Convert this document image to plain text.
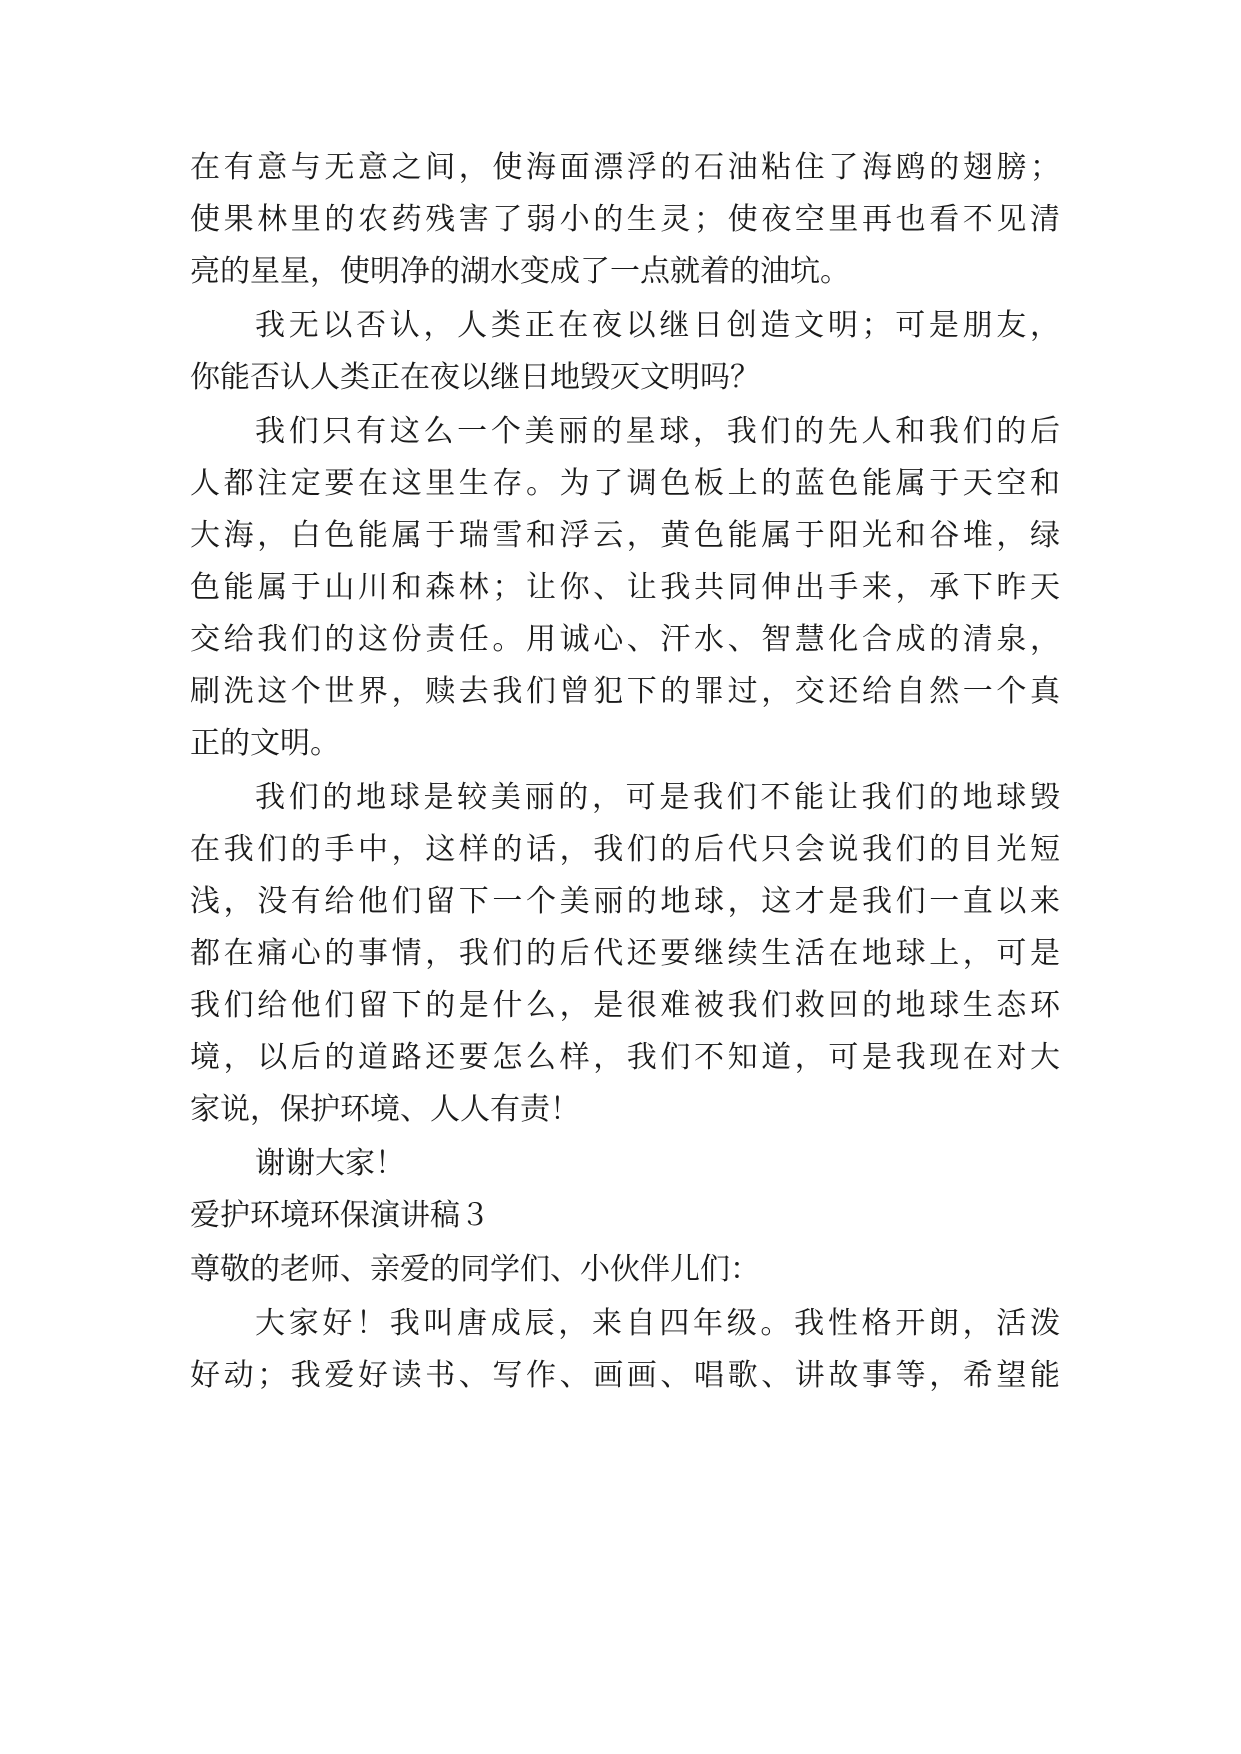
在有意与无意之间，使海面漂浮的石油粘住了海鸥的翅膀；
使果林里的农药残害了弱小的生灵；使夜空里再也看不见清
亮的星星，使明净的湖水变成了一点就着的油坑。
我无以否认，人类正在夜以继日创造文明；可是朋友，
你能否认人类正在夜以继日地毁灭文明吗？
我们只有这么一个美丽的星球，我们的先人和我们的后
人都注定要在这里生存。为了调色板上的蓝色能属于天空和
大海，白色能属于瑞雪和浮云，黄色能属于阳光和谷堆，绿
色能属于山川和森林；让你、让我共同伸出手来，承下昨天
交给我们的这份责任。用诚心、汗水、智慧化合成的清泉，
刷洗这个世界，赎去我们曾犯下的罪过，交还给自然一个真
正的文明。
我们的地球是较美丽的，可是我们不能让我们的地球毁
在我们的手中，这样的话，我们的后代只会说我们的目光短
浅，没有给他们留下一个美丽的地球，这才是我们一直以来
都在痛心的事情，我们的后代还要继续生活在地球上，可是
我们给他们留下的是什么，是很难被我们救回的地球生态环
境，以后的道路还要怎么样，我们不知道，可是我现在对大
家说，保护环境、人人有责！
谢谢大家！
爱护环境环保演讲稿３
尊敬的老师、亲爱的同学们、小伙伴儿们：
大家好！我叫唐成辰，来自四年级。我性格开朗，活泼
好动；我爱好读书、写作、画画、唱歌、讲故事等，希望能
